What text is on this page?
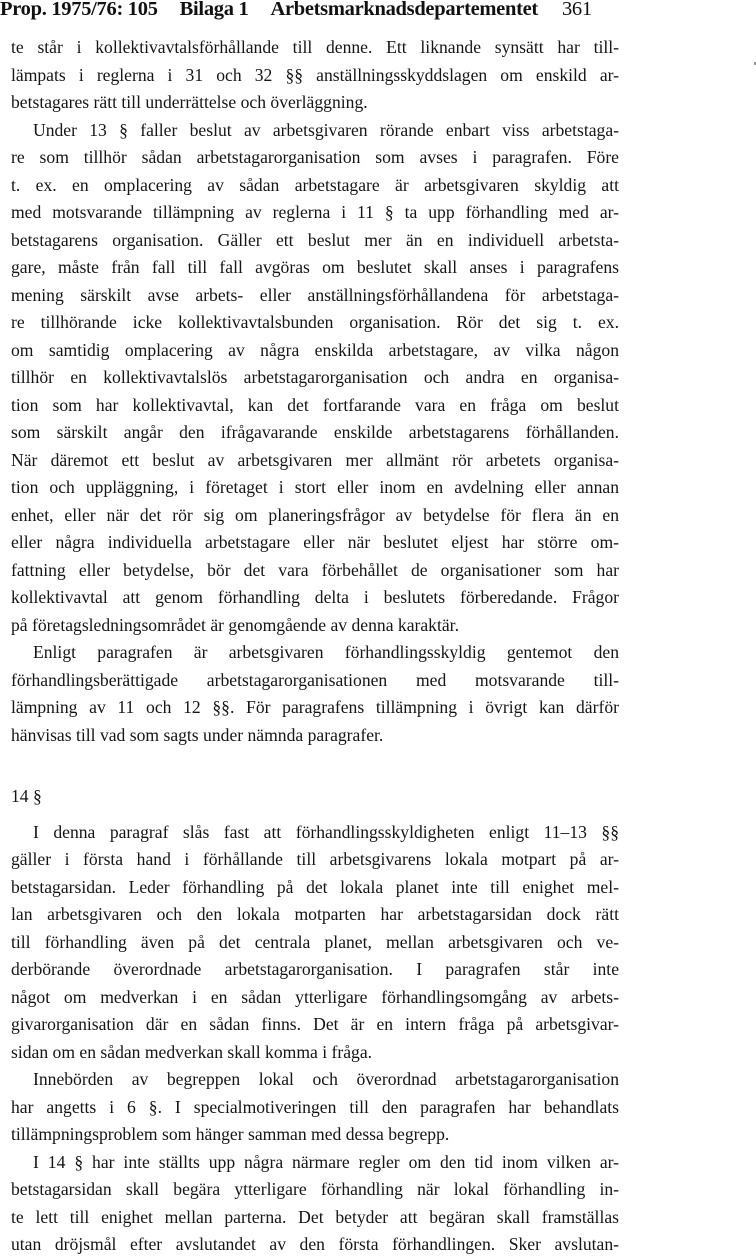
Prop. 1975/76: 105 Bilaga 1 Arbetsmarknadsdepartementet 361
te står i kollektivavtalsförhållande till denne. Ett liknande synsätt har till-
lämpats i reglerna i 31 och 32 §§ anställningsskyddslagen om enskild ar-
betstagares rätt till underrättelse och överläggning.
Under 13 § faller beslut av arbetsgivaren rörande enbart viss arbetstaga-
re som tillhör sådan arbetstagarorganisation som avses i paragrafen. Före
t. ex. en omplacering av sådan arbetstagare är arbetsgivaren skyldig att
med motsvarande tillämpning av reglerna i 11 § ta upp förhandling med ar-
betstagarens organisation. Gäller ett beslut mer än en individuell arbetsta-
gare, måste från fall till fall avgöras om beslutet skall anses i paragrafens
mening särskilt avse arbets- eller anställningsförhållandena för arbetstaga-
re tillhörande icke kollektivavtalsbunden organisation. Rör det sig t. ex.
om samtidig omplacering av några enskilda arbetstagare, av vilka någon
tillhör en kollektivavtalslös arbetstagarorganisation och andra en organisa-
tion som har kollektivavtal, kan det fortfarande vara en fråga om beslut
som särskilt angår den ifrågavarande enskilde arbetstagarens förhållanden.
När däremot ett beslut av arbetsgivaren mer allmänt rör arbetets organisa-
tion och uppläggning, i företaget i stort eller inom en avdelning eller annan
enhet, eller när det rör sig om planeringsfrågor av betydelse för flera än en
eller några individuella arbetstagare eller när beslutet eljest har större om-
fattning eller betydelse, bör det vara förbehållet de organisationer som har
kollektivavtal att genom förhandling delta i beslutets förberedande. Frågor
på företagsledningsområdet är genomgående av denna karaktär.
Enligt paragrafen är arbetsgivaren förhandlingsskyldig gentemot den
förhandlingsberättigade arbetstagarorganisationen med motsvarande till-
lämpning av 11 och 12 §§. För paragrafens tillämpning i övrigt kan därför
hänvisas till vad som sagts under nämnda paragrafer.
14 §
I denna paragraf slås fast att förhandlingsskyldigheten enligt 11–13 §§
gäller i första hand i förhållande till arbetsgivarens lokala motpart på ar-
betstagarsidan. Leder förhandling på det lokala planet inte till enighet mel-
lan arbetsgivaren och den lokala motparten har arbetstagarsidan dock rätt
till förhandling även på det centrala planet, mellan arbetsgivaren och ve-
derbörande överordnade arbetstagarorganisation. I paragrafen står inte
något om medverkan i en sådan ytterligare förhandlingsomgång av arbets-
givarorganisation där en sådan finns. Det är en intern fråga på arbetsgivar-
sidan om en sådan medverkan skall komma i fråga.
Innebörden av begreppen lokal och överordnad arbetstagarorganisation
har angetts i 6 §. I specialmotiveringen till den paragrafen har behandlats
tillämpningsproblem som hänger samman med dessa begrepp.
I 14 § har inte ställts upp några närmare regler om den tid inom vilken ar-
betstagarsidan skall begära ytterligare förhandling när lokal förhandling in-
te lett till enighet mellan parterna. Det betyder att begäran skall framställas
utan dröjsmål efter avslutandet av den första förhandlingen. Sker avslutan-
